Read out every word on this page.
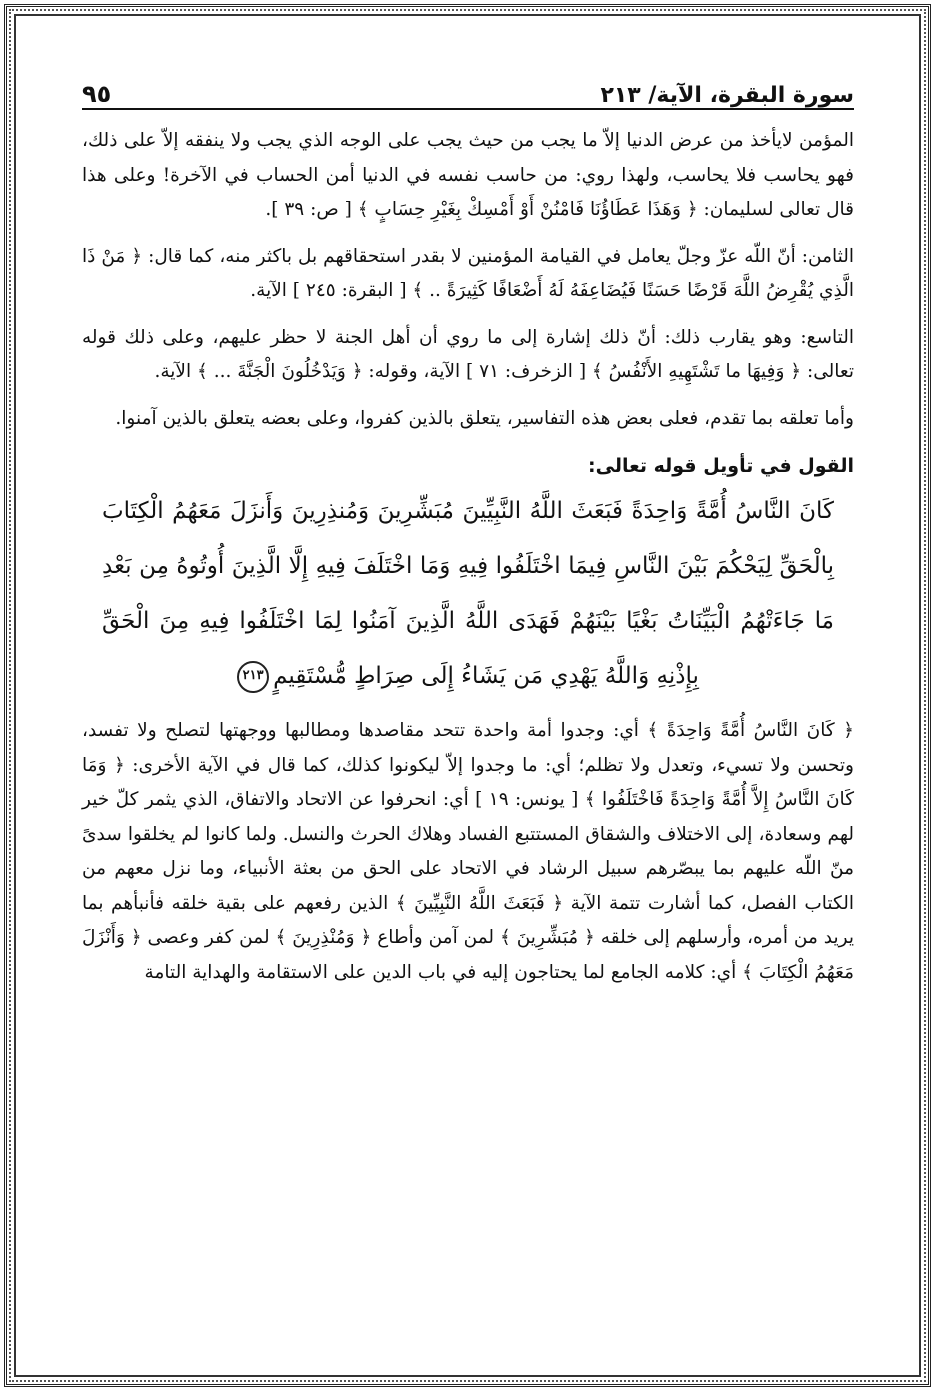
سورة البقرة، الآية/ ٢١٣
٩٥

المؤمن لايأخذ من عرض الدنيا إلاّ ما يجب من حيث يجب على الوجه الذي يجب ولا ينفقه إلاّ على ذلك، فهو يحاسب فلا يحاسب، ولهذا روي: من حاسب نفسه في الدنيا أمن الحساب في الآخرة! وعلى هذا قال تعالى لسليمان: ﴿ وَهَذَا عَطَاؤُنَا فَامْنُنْ أَوْ أَمْسِكْ بِغَيْرِ حِسَابٍ ﴾ [ ص: ٣٩ ].

الثامن: أنّ اللّه عزّ وجلّ يعامل في القيامة المؤمنين لا بقدر استحقاقهم بل باكثر منه، كما قال: ﴿ مَنْ ذَا الَّذِي يُقْرِضُ اللَّهَ قَرْضًا حَسَنًا فَيُضَاعِفَهُ لَهُ أَضْعَافًا كَثِيرَةً .. ﴾ [ البقرة: ٢٤٥ ] الآية.

التاسع: وهو يقارب ذلك: أنّ ذلك إشارة إلى ما روي أن أهل الجنة لا حظر عليهم، وعلى ذلك قوله تعالى: ﴿ وَفِيهَا ما تَشْتَهِيهِ الأَنْفُسُ ﴾ [ الزخرف: ٧١ ] الآية، وقوله: ﴿ وَيَدْخُلُونَ الْجَنَّةَ ... ﴾ الآية.

وأما تعلقه بما تقدم، فعلى بعض هذه التفاسير، يتعلق بالذين كفروا، وعلى بعضه يتعلق بالذين آمنوا.

القول في تأويل قوله تعالى:

كَانَ النَّاسُ أُمَّةً وَاحِدَةً فَبَعَثَ اللَّهُ النَّبِيِّينَ مُبَشِّرِينَ وَمُنذِرِينَ وَأَنزَلَ مَعَهُمُ الْكِتَابَ

بِالْحَقِّ لِيَحْكُمَ بَيْنَ النَّاسِ فِيمَا اخْتَلَفُوا فِيهِ وَمَا اخْتَلَفَ فِيهِ إِلَّا الَّذِينَ أُوتُوهُ مِن بَعْدِ

مَا جَاءَتْهُمُ الْبَيِّنَاتُ بَغْيًا بَيْنَهُمْ فَهَدَى اللَّهُ الَّذِينَ آمَنُوا لِمَا اخْتَلَفُوا فِيهِ مِنَ الْحَقِّ

بِإِذْنِهِ وَاللَّهُ يَهْدِي مَن يَشَاءُ إِلَى صِرَاطٍ مُّسْتَقِيمٍ٢١٣

﴿ كَانَ النَّاسُ أُمَّةً وَاحِدَةً ﴾ أي: وجدوا أمة واحدة تتحد مقاصدها ومطالبها ووجهتها لتصلح ولا تفسد، وتحسن ولا تسيء، وتعدل ولا تظلم؛ أي: ما وجدوا إلاّ ليكونوا كذلك، كما قال في الآية الأخرى: ﴿ وَمَا كَانَ النَّاسُ إِلاَّ أُمَّةً وَاحِدَةً فَاخْتَلَفُوا ﴾ [ يونس: ١٩ ] أي: انحرفوا عن الاتحاد والاتفاق، الذي يثمر كلّ خير لهم وسعادة، إلى الاختلاف والشقاق المستتبع الفساد وهلاك الحرث والنسل. ولما كانوا لم يخلقوا سدىً منّ اللّه عليهم بما يبصّرهم سبيل الرشاد في الاتحاد على الحق من بعثة الأنبياء، وما نزل معهم من الكتاب الفصل، كما أشارت تتمة الآية ﴿ فَبَعَثَ اللَّهُ النَّبِيِّينَ ﴾ الذين رفعهم على بقية خلقه فأنبأهم بما يريد من أمره، وأرسلهم إلى خلقه ﴿ مُبَشِّرِينَ ﴾ لمن آمن وأطاع ﴿ وَمُنْذِرِينَ ﴾ لمن كفر وعصى ﴿ وَأَنْزَلَ مَعَهُمُ الْكِتَابَ ﴾ أي: كلامه الجامع لما يحتاجون إليه في باب الدين على الاستقامة والهداية التامة
